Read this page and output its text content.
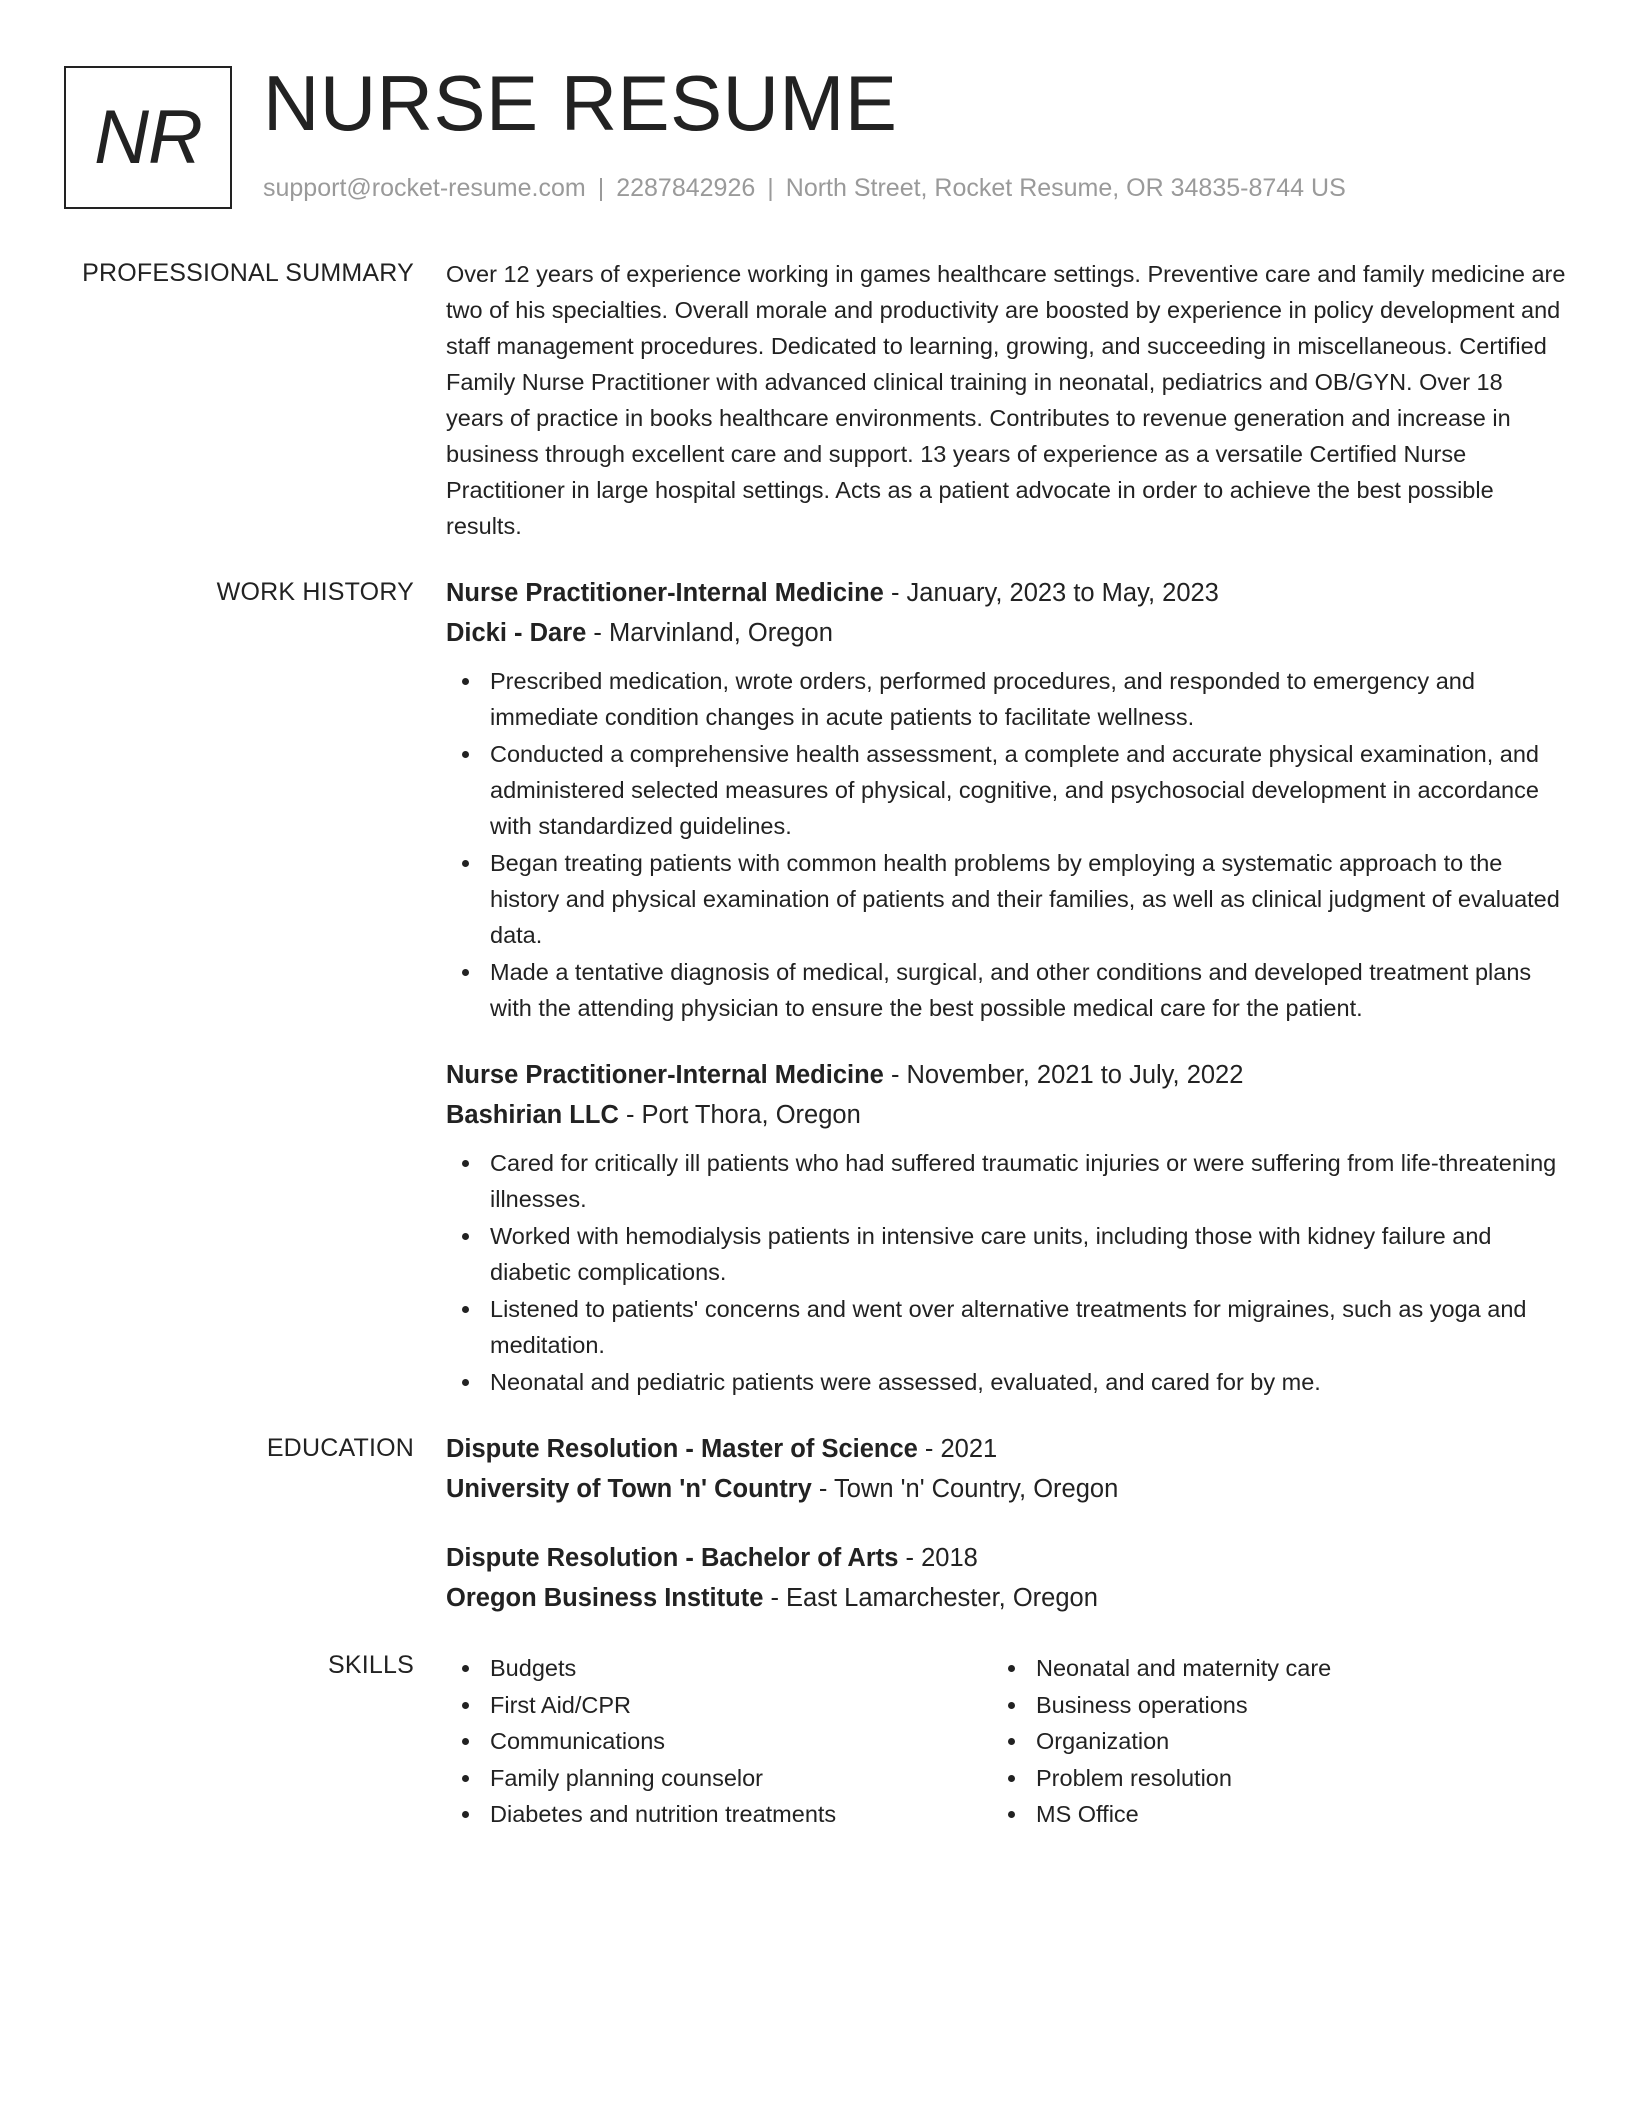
NR NURSE RESUME
support@rocket-resume.com | 2287842926 | North Street, Rocket Resume, OR 34835-8744 US
PROFESSIONAL SUMMARY Over 12 years of experience working in games healthcare settings. Preventive care and family medicine are two of his specialties. Overall morale and productivity are boosted by experience in policy development and staff management procedures. Dedicated to learning, growing, and succeeding in miscellaneous. Certified Family Nurse Practitioner with advanced clinical training in neonatal, pediatrics and OB/GYN. Over 18 years of practice in books healthcare environments. Contributes to revenue generation and increase in business through excellent care and support. 13 years of experience as a versatile Certified Nurse Practitioner in large hospital settings. Acts as a patient advocate in order to achieve the best possible results.

WORK HISTORY Nurse Practitioner-Internal Medicine - January, 2023 to May, 2023
Dicki - Dare - Marvinland, Oregon
Prescribed medication, wrote orders, performed procedures, and responded to emergency and immediate condition changes in acute patients to facilitate wellness.
Conducted a comprehensive health assessment, a complete and accurate physical examination, and administered selected measures of physical, cognitive, and psychosocial development in accordance with standardized guidelines.
Began treating patients with common health problems by employing a systematic approach to the history and physical examination of patients and their families, as well as clinical judgment of evaluated data.
Made a tentative diagnosis of medical, surgical, and other conditions and developed treatment plans with the attending physician to ensure the best possible medical care for the patient.
Nurse Practitioner-Internal Medicine - November, 2021 to July, 2022
Bashirian LLC - Port Thora, Oregon
Cared for critically ill patients who had suffered traumatic injuries or were suffering from life-threatening illnesses.
Worked with hemodialysis patients in intensive care units, including those with kidney failure and diabetic complications.
Listened to patients' concerns and went over alternative treatments for migraines, such as yoga and meditation.
Neonatal and pediatric patients were assessed, evaluated, and cared for by me.
EDUCATION Dispute Resolution - Master of Science - 2021
University of Town 'n' Country - Town 'n' Country, Oregon
Dispute Resolution - Bachelor of Arts - 2018
Oregon Business Institute - East Lamarchester, Oregon
SKILLS	Budgets
First Aid/CPR
Communications
Family planning counselor
Diabetes and nutrition treatments
Neonatal and maternity care
Business operations
Organization
Problem resolution
MS Office
